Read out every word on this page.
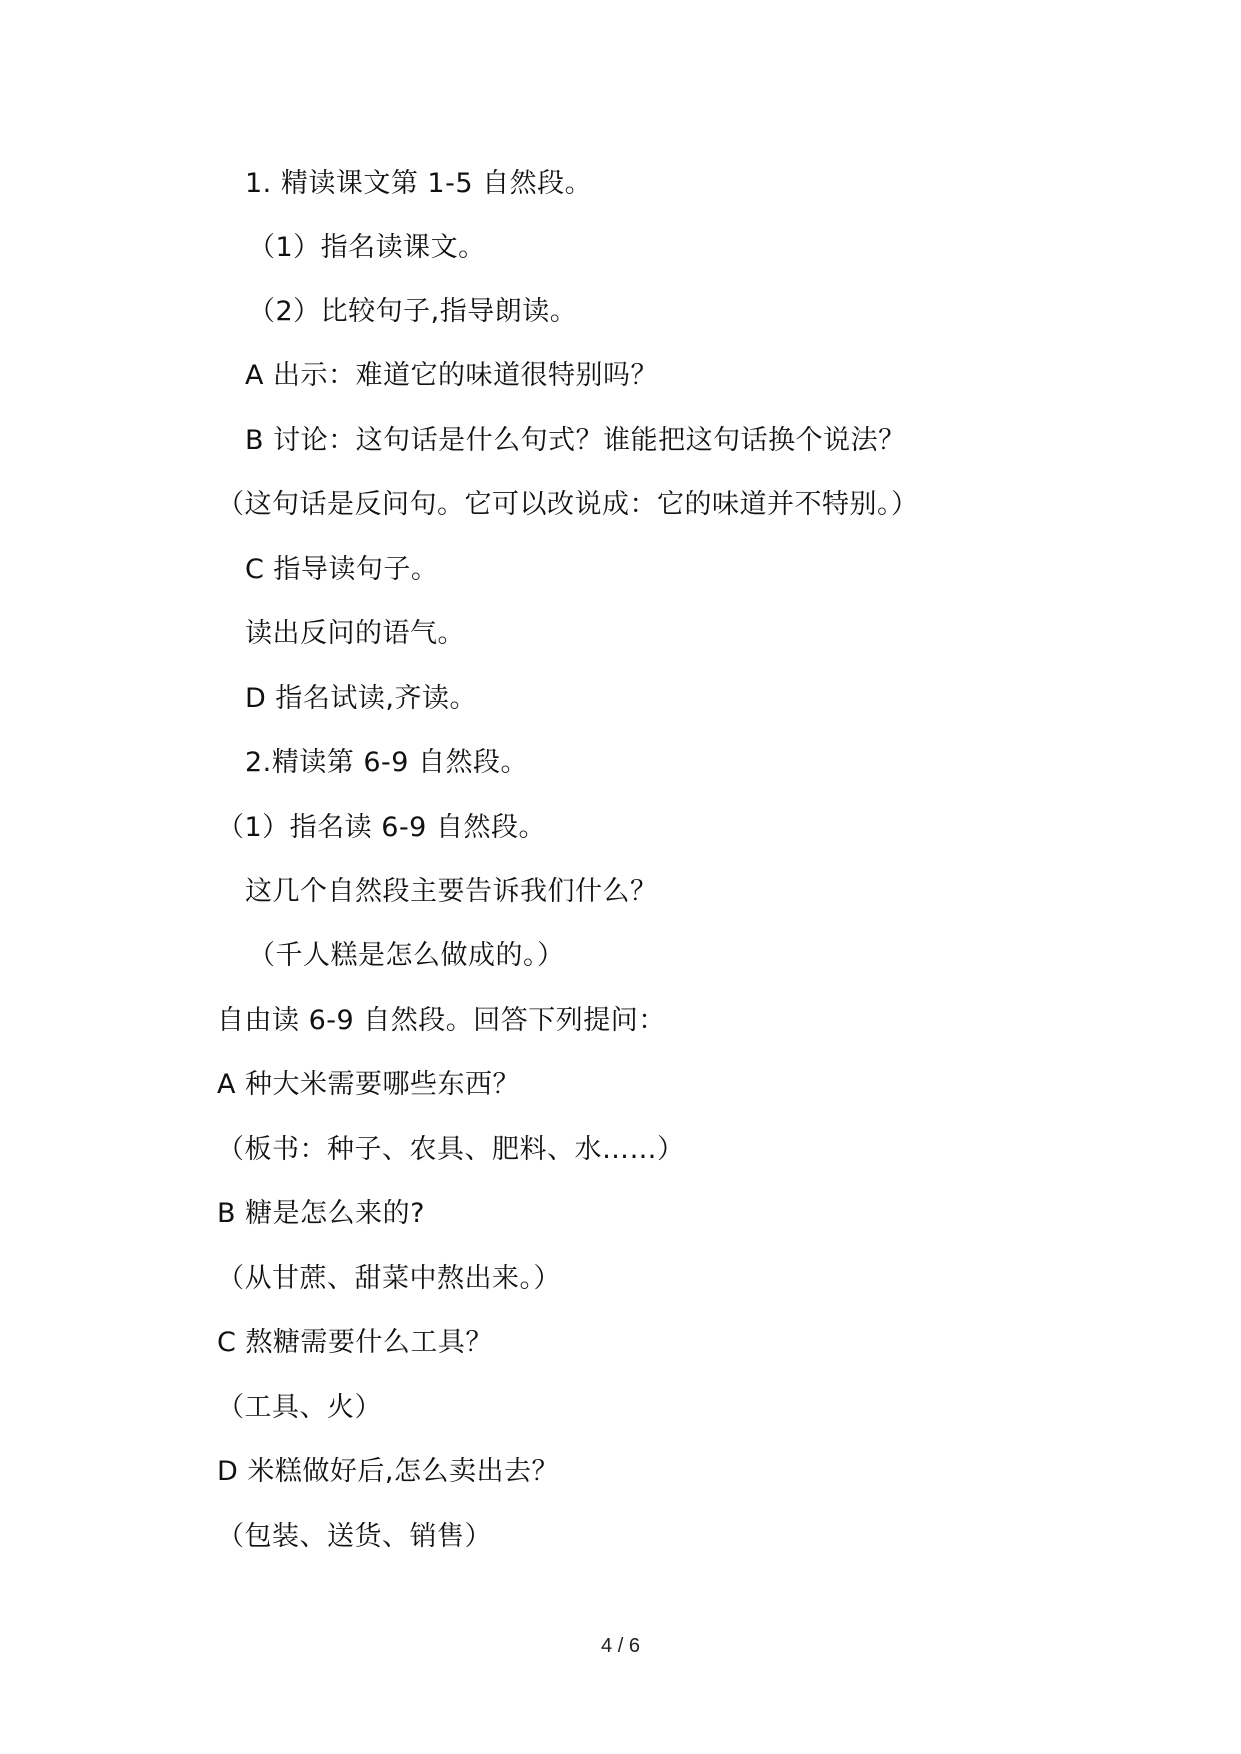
1. 精读课文第 1-5 自然段。
（1）指名读课文。
（2）比较句子,指导朗读。
A 出示：难道它的味道很特别吗？
B 讨论：这句话是什么句式？谁能把这句话换个说法？
（这句话是反问句。它可以改说成：它的味道并不特别。）
C 指导读句子。
读出反问的语气。
D 指名试读,齐读。
2.精读第 6-9 自然段。
（1）指名读 6-9 自然段。
这几个自然段主要告诉我们什么？
（千人糕是怎么做成的。）
自由读 6-9 自然段。回答下列提问：
A 种大米需要哪些东西？
（板书：种子、农具、肥料、水……）
B 糖是怎么来的?
（从甘蔗、甜菜中熬出来。）
C 熬糖需要什么工具？
（工具、火）
D 米糕做好后,怎么卖出去？
（包装、送货、销售）
4 / 6
